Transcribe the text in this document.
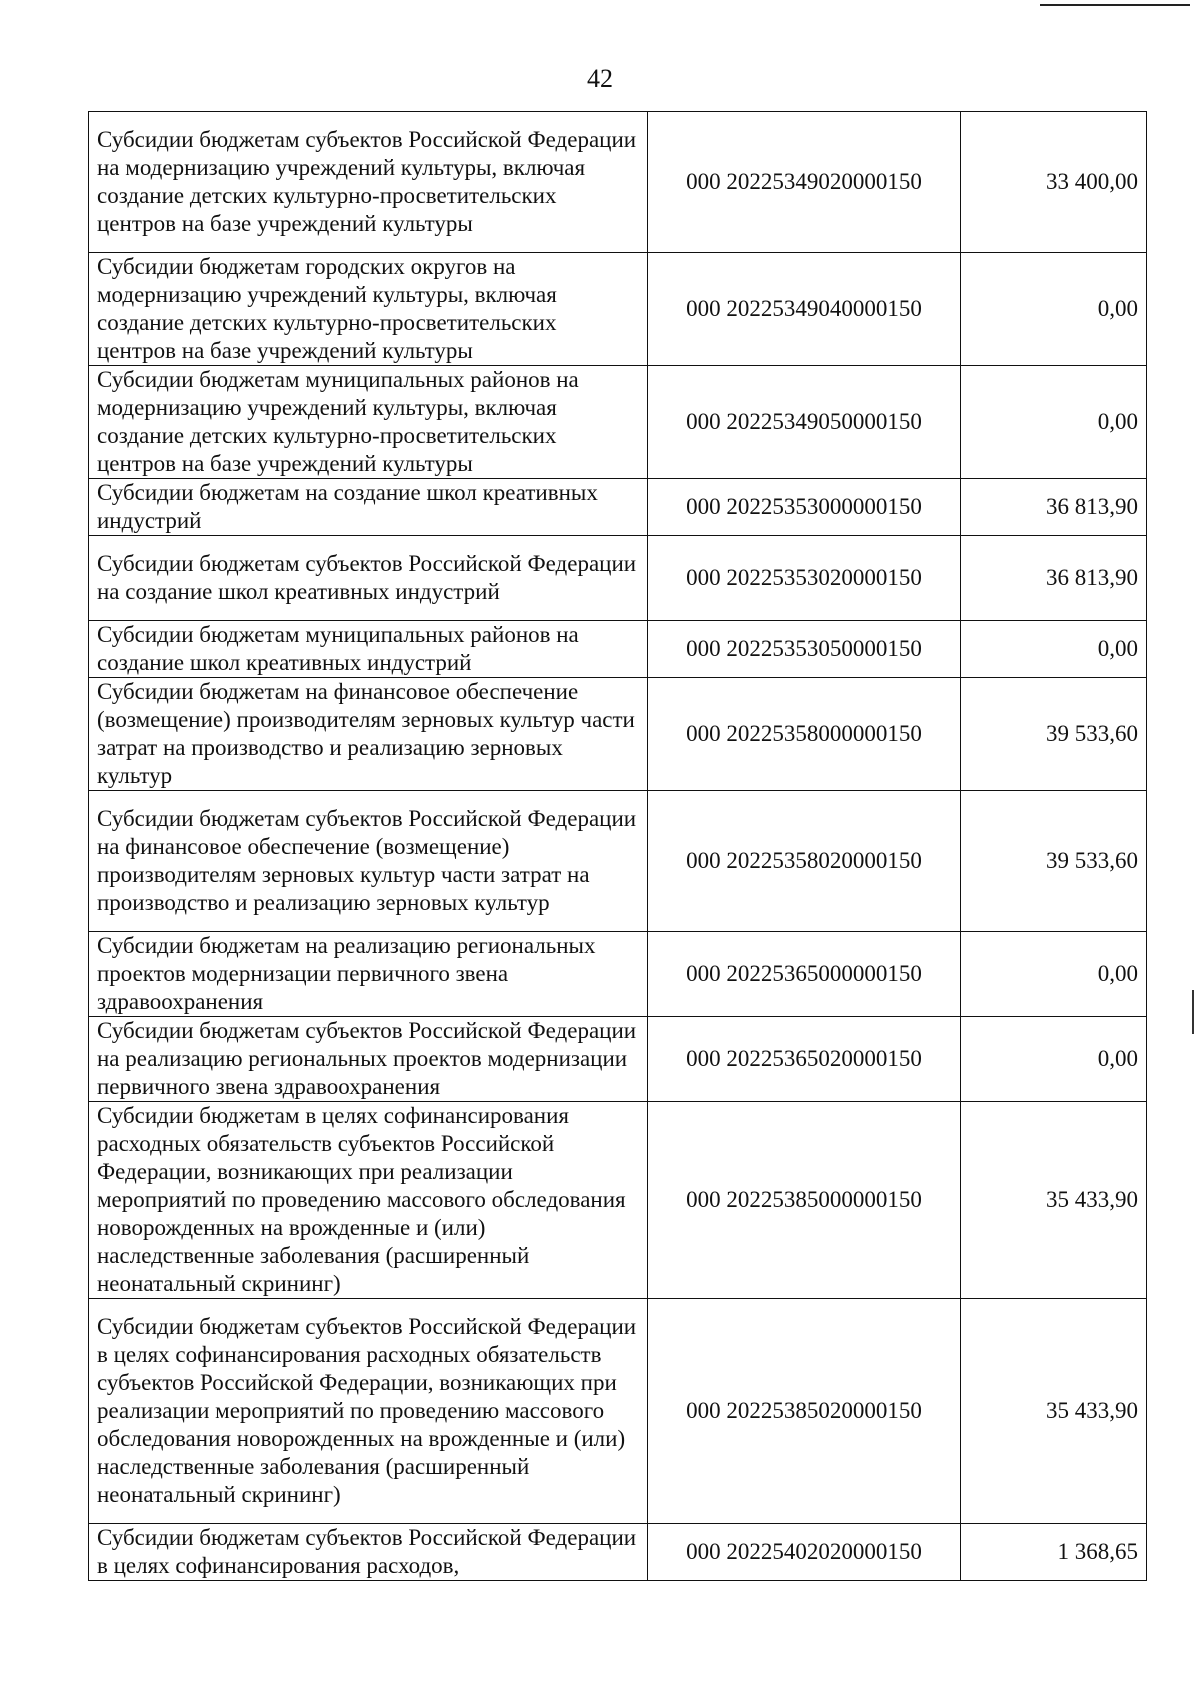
42
Субсидии бюджетам субъектов Российской Федерации на модернизацию учреждений культуры, включая создание детских культурно-просветительских центров на базе учреждений культуры	000 20225349020000150	33 400,00
Субсидии бюджетам городских округов на модернизацию учреждений культуры, включая создание детских культурно-просветительских центров на базе учреждений культуры	000 20225349040000150	0,00
Субсидии бюджетам муниципальных районов на модернизацию учреждений культуры, включая создание детских культурно-просветительских центров на базе учреждений культуры	000 20225349050000150	0,00
Субсидии бюджетам на создание школ креативных индустрий	000 20225353000000150	36 813,90
Субсидии бюджетам субъектов Российской Федерации на создание школ креативных индустрий	000 20225353020000150	36 813,90
Субсидии бюджетам муниципальных районов на создание школ креативных индустрий	000 20225353050000150	0,00
Субсидии бюджетам на финансовое обеспечение (возмещение) производителям зерновых культур части затрат на производство и реализацию зерновых культур	000 20225358000000150	39 533,60
Субсидии бюджетам субъектов Российской Федерации на финансовое обеспечение (возмещение) производителям зерновых культур части затрат на производство и реализацию зерновых культур	000 20225358020000150	39 533,60
Субсидии бюджетам на реализацию региональных проектов модернизации первичного звена здравоохранения	000 20225365000000150	0,00
Субсидии бюджетам субъектов Российской Федерации на реализацию региональных проектов модернизации первичного звена здравоохранения	000 20225365020000150	0,00
Субсидии бюджетам в целях софинансирования расходных обязательств субъектов Российской Федерации, возникающих при реализации мероприятий по проведению массового обследования новорожденных на врожденные и (или) наследственные заболевания (расширенный неонатальный скрининг)	000 20225385000000150	35 433,90
Субсидии бюджетам субъектов Российской Федерации в целях софинансирования расходных обязательств субъектов Российской Федерации, возникающих при реализации мероприятий по проведению массового обследования новорожденных на врожденные и (или) наследственные заболевания (расширенный неонатальный скрининг)	000 20225385020000150	35 433,90
Субсидии бюджетам субъектов Российской Федерации в целях софинансирования расходов,	000 20225402020000150	1 368,65
